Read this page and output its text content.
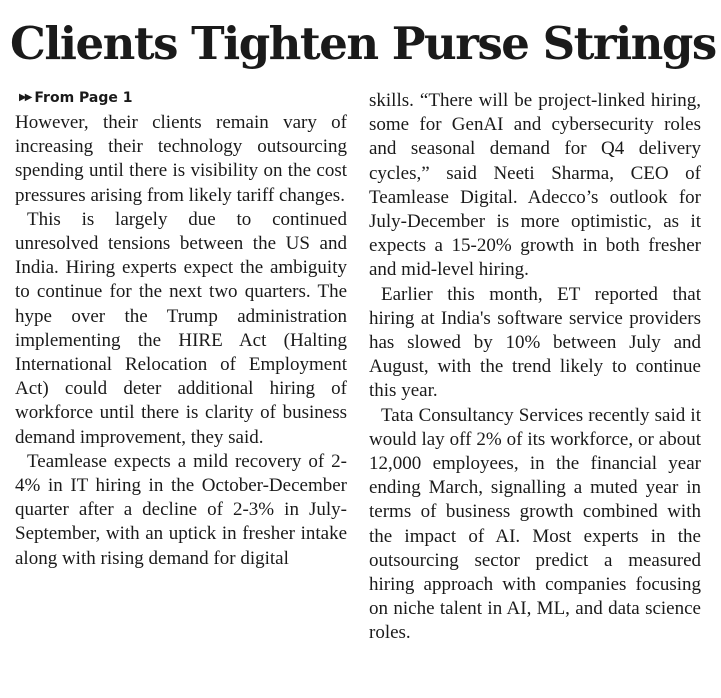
Clients Tighten Purse Strings
▶▶ From Page 1

However, their clients remain vary of increasing their technology outsourcing spending until there is visibility on the cost pressures arising from likely tariff changes.

This is largely due to continued unresolved tensions between the US and India. Hiring experts expect the ambiguity to continue for the next two quarters. The hype over the Trump administration implementing the HIRE Act (Halting International Relocation of Employment Act) could deter additional hiring of workforce until there is clarity of business demand improvement, they said.

Teamlease expects a mild recovery of 2-4% in IT hiring in the October-December quarter after a decline of 2-3% in July-September, with an uptick in fresher intake along with rising demand for digital

skills. “There will be project-linked hiring, some for GenAI and cybersecurity roles and seasonal demand for Q4 delivery cycles,” said Neeti Sharma, CEO of Teamlease Digital. Adecco’s outlook for July-December is more optimistic, as it expects a 15-20% growth in both fresher and mid-level hiring.

Earlier this month, ET reported that hiring at India's software service providers has slowed by 10% between July and August, with the trend likely to continue this year.

Tata Consultancy Services recently said it would lay off 2% of its workforce, or about 12,000 employees, in the financial year ending March, signalling a muted year in terms of business growth combined with the impact of AI. Most experts in the outsourcing sector predict a measured hiring approach with companies focusing on niche talent in AI, ML, and data science roles.
